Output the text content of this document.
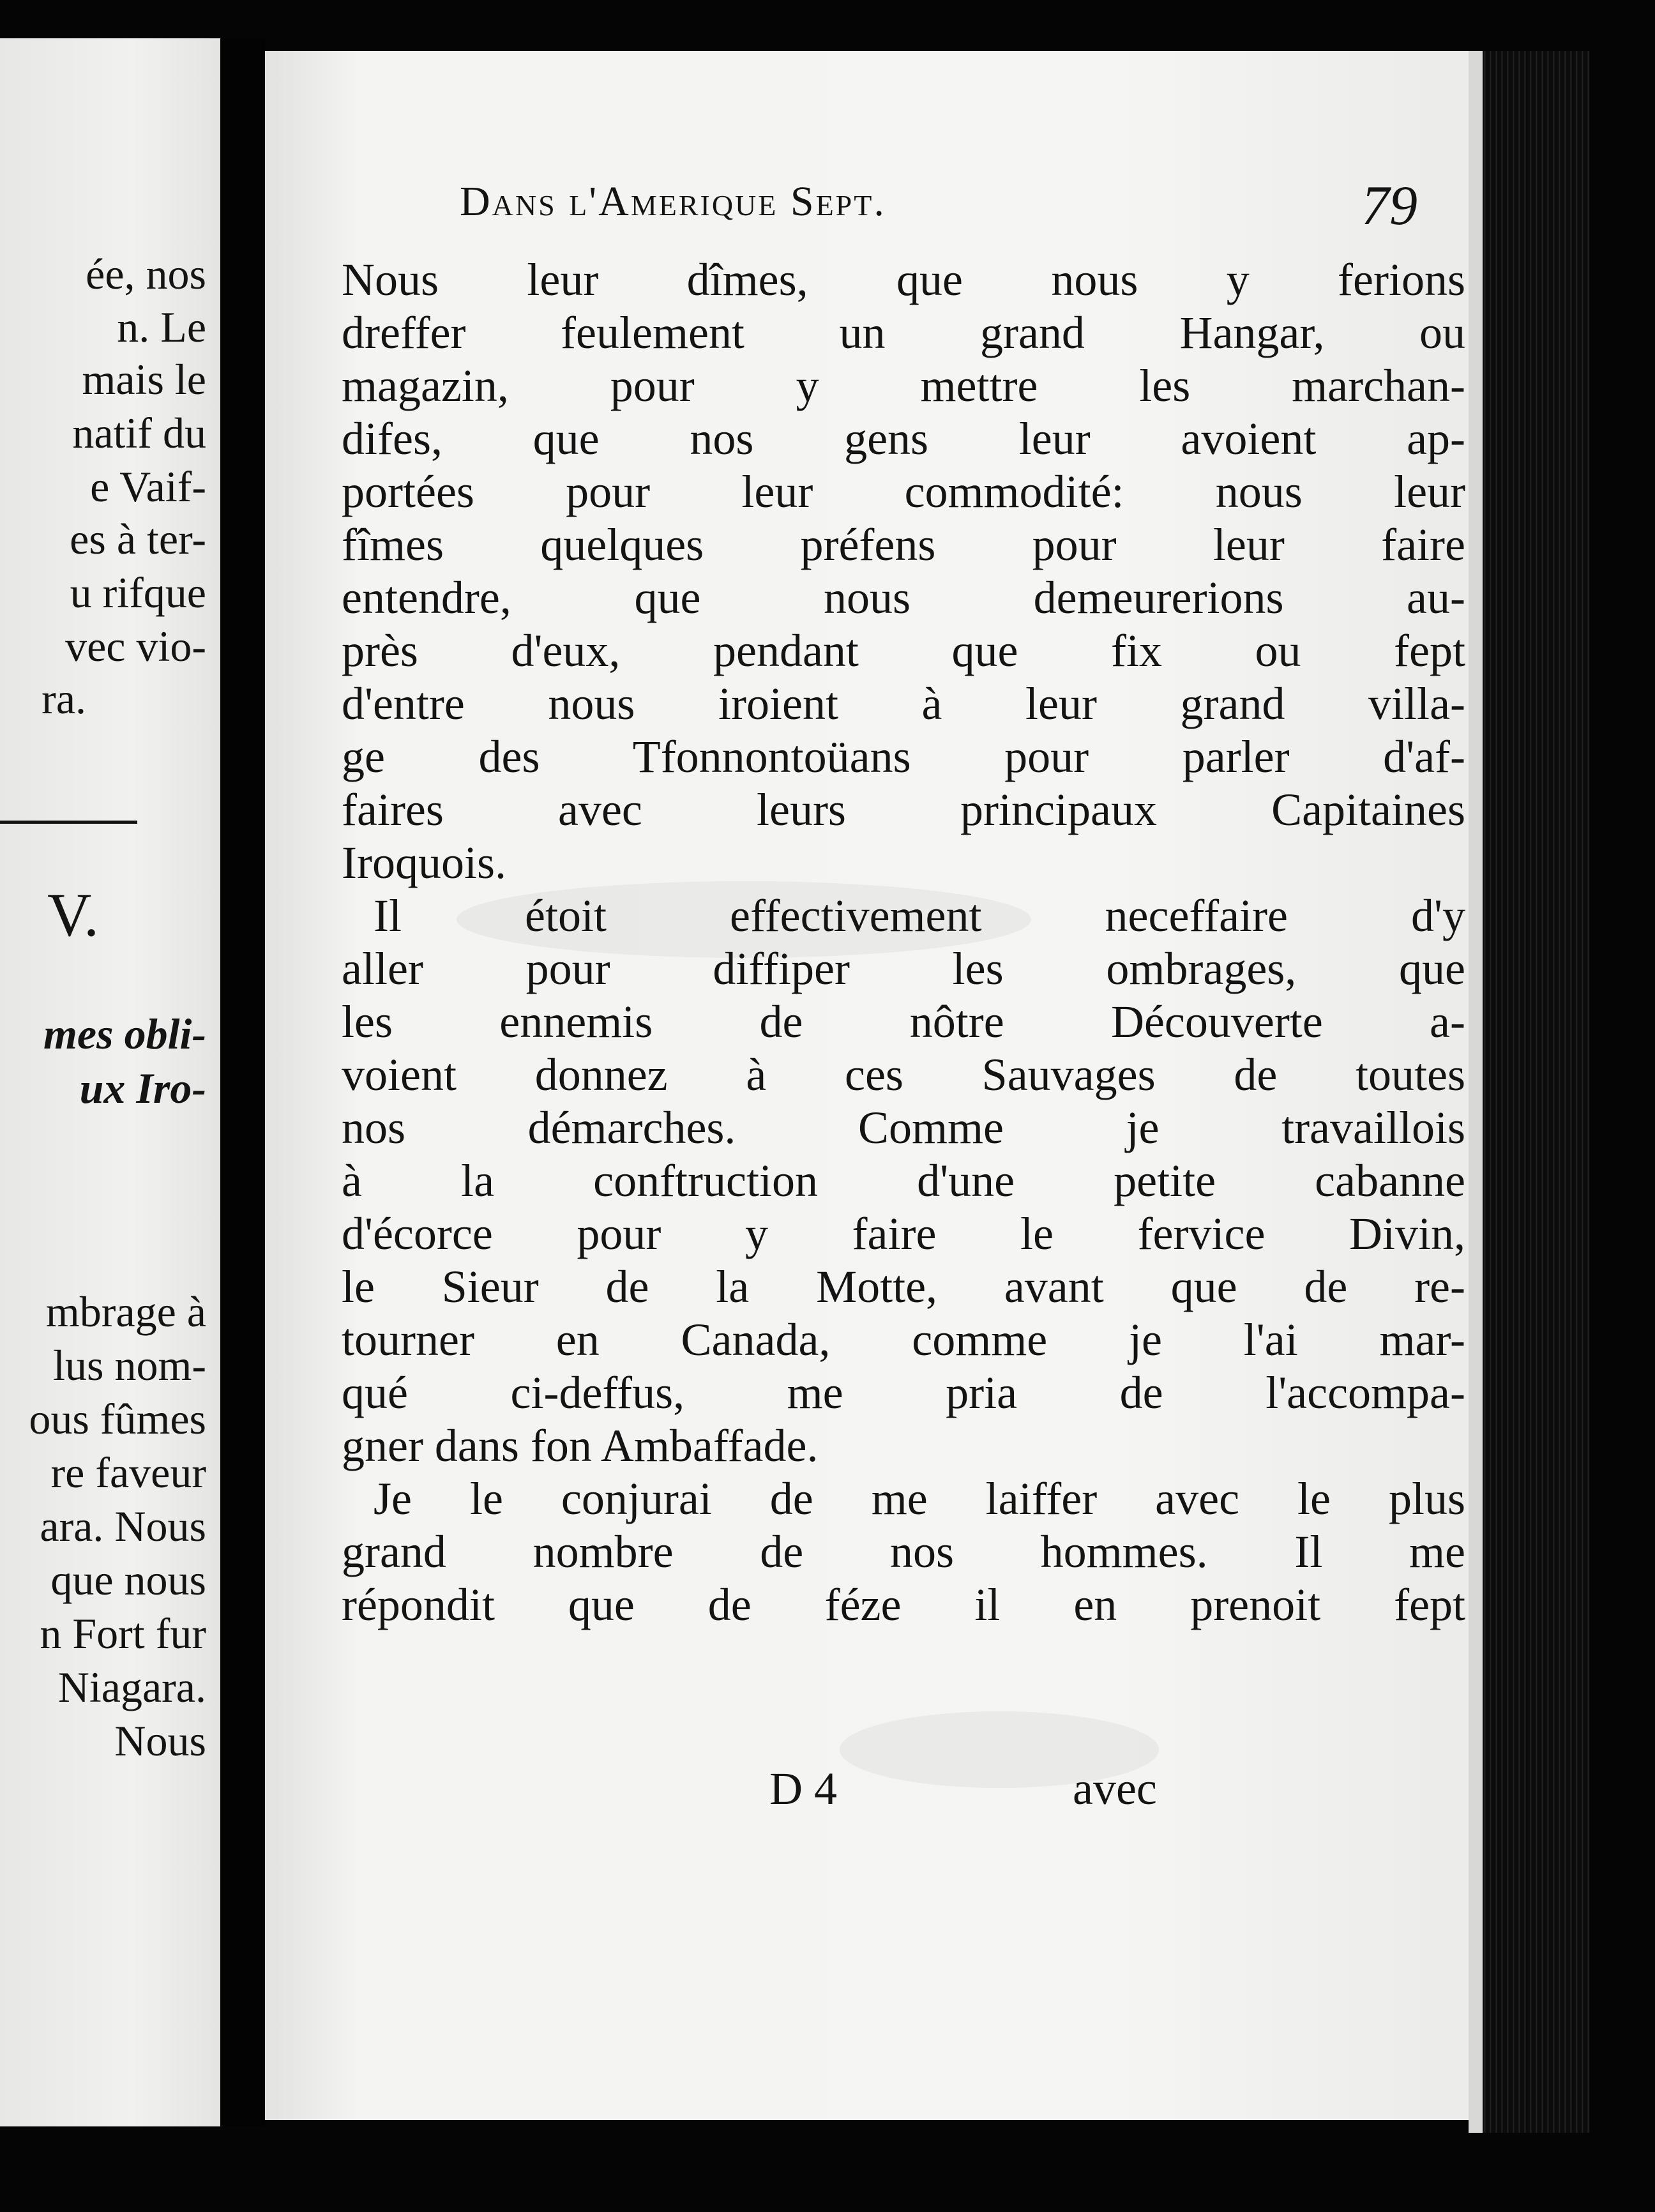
ée, nos
n. Le
mais le
natif du
e Vaif-
es à ter-
u rifque
vec vio-
ra.
V.
mes obli-
ux Iro-
mbrage à
lus nom-
ous fûmes
re faveur
ara. Nous
que nous
n Fort fur
Niagara.
Nous
Dans l'Amerique Sept.	79
Nous leur dîmes, que nous y ferions
dreffer feulement un grand Hangar, ou
magazin, pour y mettre les marchan-
difes, que nos gens leur avoient ap-
portées pour leur commodité: nous leur
fîmes quelques préfens pour leur faire
entendre, que nous demeurerions au-
près d'eux, pendant que fix ou fept
d'entre nous iroient à leur grand villa-
ge des Tfonnontoüans pour parler d'af-
faires avec leurs principaux Capitaines
Iroquois.
Il étoit effectivement neceffaire d'y
aller pour diffiper les ombrages, que
les ennemis de nôtre Découverte a-
voient donnez à ces Sauvages de toutes
nos démarches. Comme je travaillois
à la conftruction d'une petite cabanne
d'écorce pour y faire le fervice Divin,
le Sieur de la Motte, avant que de re-
tourner en Canada, comme je l'ai mar-
qué ci-deffus, me pria de l'accompa-
gner dans fon Ambaffade.
Je le conjurai de me laiffer avec le plus
grand nombre de nos hommes. Il me
répondit que de féze il en prenoit fept
D 4	avec
